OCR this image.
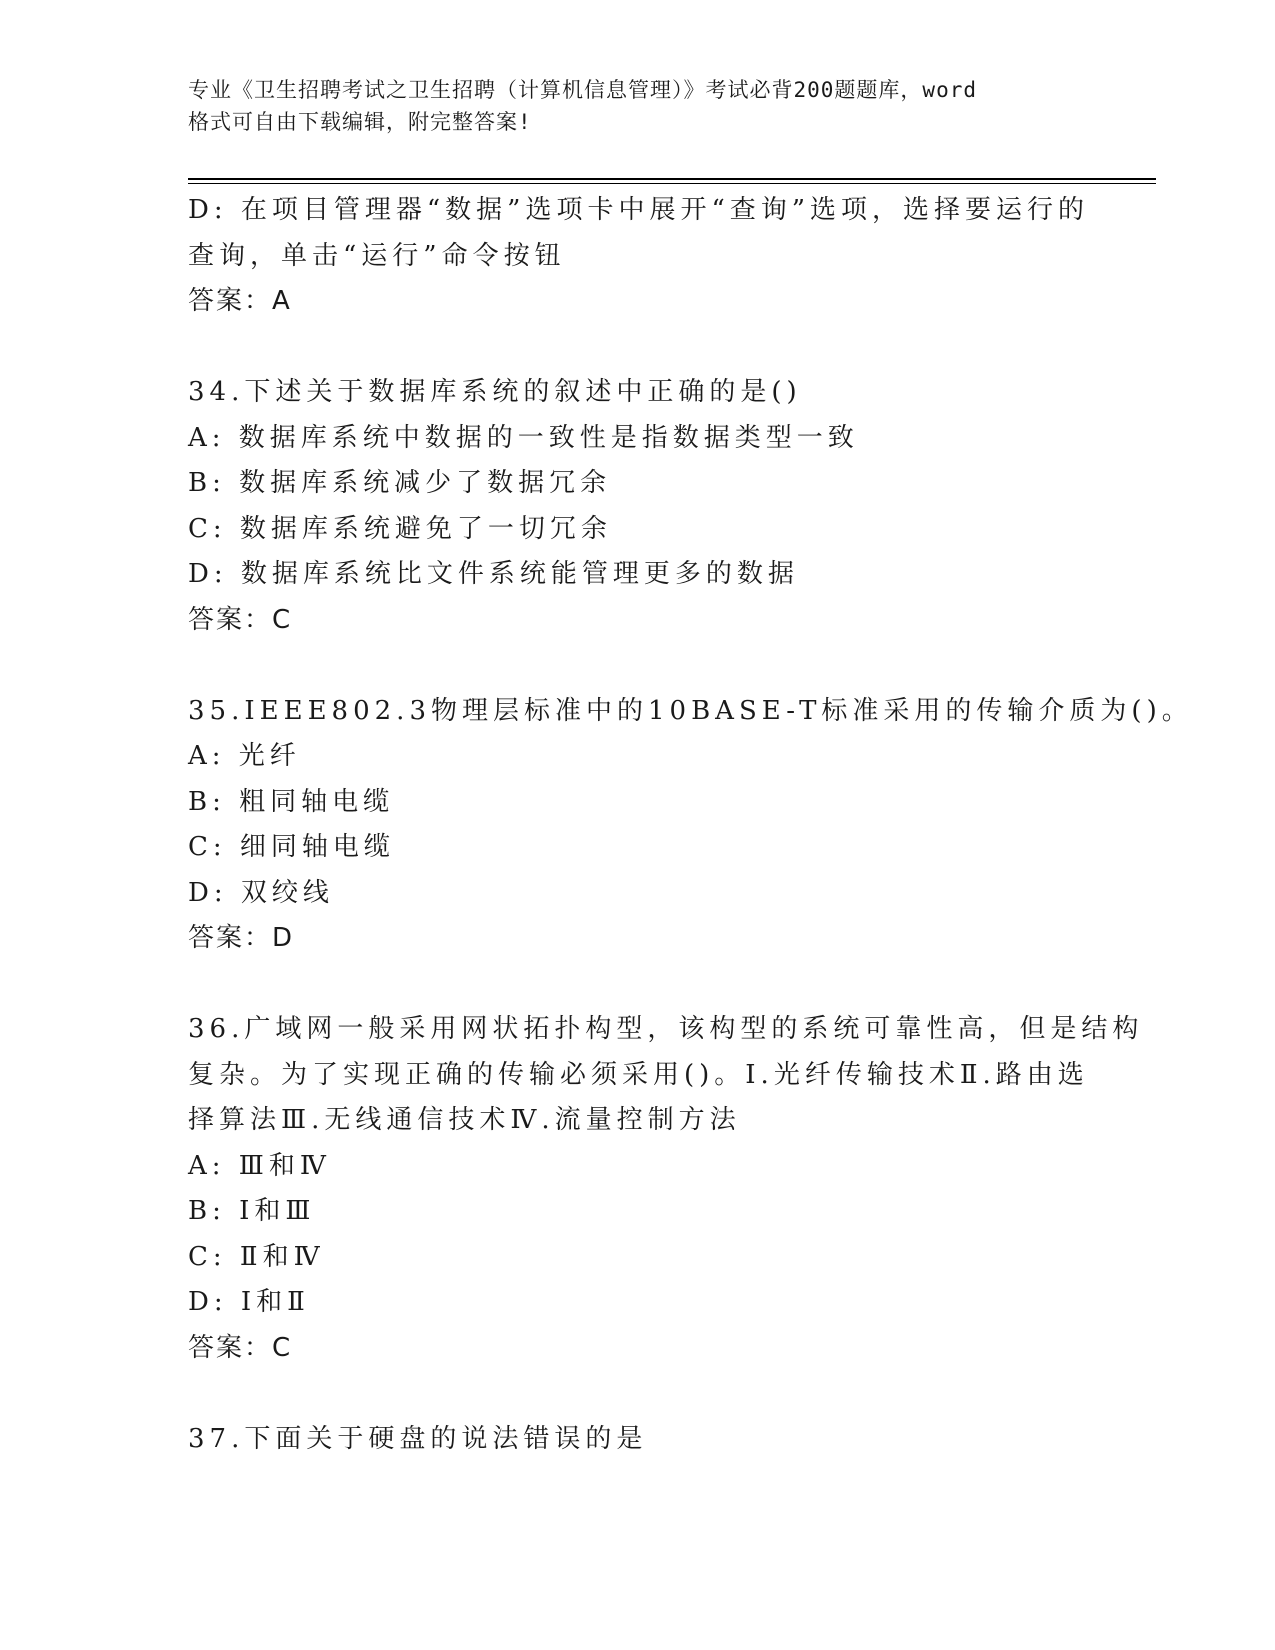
专业《卫生招聘考试之卫生招聘（计算机信息管理）》考试必背200题题库，word
格式可自由下载编辑，附完整答案!
D: 在项目管理器“数据”选项卡中展开“查询”选项，选择要运行的
查询，单击“运行”命令按钮
答案：A
34.下述关于数据库系统的叙述中正确的是()
A: 数据库系统中数据的一致性是指数据类型一致
B: 数据库系统减少了数据冗余
C: 数据库系统避免了一切冗余
D: 数据库系统比文件系统能管理更多的数据
答案：C
35.IEEE802.3物理层标准中的10BASE-T标准采用的传输介质为()。
A: 光纤
B: 粗同轴电缆
C: 细同轴电缆
D: 双绞线
答案：D
36.广域网一般采用网状拓扑构型，该构型的系统可靠性高，但是结构
复杂。为了实现正确的传输必须采用()。Ⅰ.光纤传输技术Ⅱ.路由选
择算法Ⅲ.无线通信技术Ⅳ.流量控制方法
A: Ⅲ和Ⅳ
B: Ⅰ和Ⅲ
C: Ⅱ和Ⅳ
D: Ⅰ和Ⅱ
答案：C
37.下面关于硬盘的说法错误的是
